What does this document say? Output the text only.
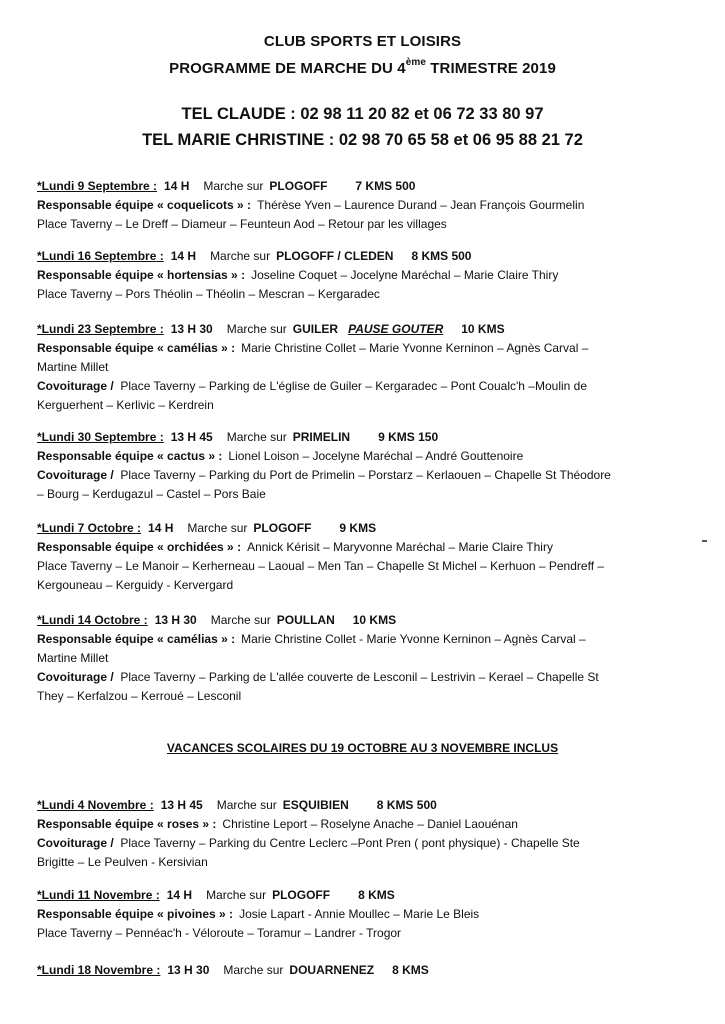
CLUB SPORTS ET LOISIRS
PROGRAMME DE MARCHE DU 4ème TRIMESTRE 2019
TEL CLAUDE : 02 98 11 20 82 et 06 72 33 80 97
TEL MARIE CHRISTINE : 02 98 70 65 58 et 06 95 88 21 72
*Lundi 9 Septembre : 14 H Marche sur PLOGOFF 7 KMS 500
Responsable équipe « coquelicots » : Thérèse Yven – Laurence Durand – Jean François Gourmelin
Place Taverny – Le Dreff – Diameur – Feunteun Aod – Retour par les villages
*Lundi 16 Septembre : 14 H Marche sur PLOGOFF / CLEDEN 8 KMS 500
Responsable équipe « hortensias » : Joseline Coquet – Jocelyne Maréchal – Marie Claire Thiry
Place Taverny – Pors Théolin – Théolin – Mescran – Kergaradec
*Lundi 23 Septembre : 13 H 30 Marche sur GUILER PAUSE GOUTER 10 KMS
Responsable équipe « camélias » : Marie Christine Collet – Marie Yvonne Kerninon – Agnès Carval –
Martine Millet
Covoiturage / Place Taverny – Parking de L'église de Guiler – Kergaradec – Pont Coualc'h –Moulin de
Kerguerhent – Kerlivic – Kerdrein
*Lundi 30 Septembre : 13 H 45 Marche sur PRIMELIN 9 KMS 150
Responsable équipe « cactus » : Lionel Loison – Jocelyne Maréchal – André Gouttenoire
Covoiturage / Place Taverny – Parking du Port de Primelin – Porstarz – Kerlaouen – Chapelle St Théodore
– Bourg – Kerdugazul – Castel – Pors Baie
*Lundi 7 Octobre : 14 H Marche sur PLOGOFF 9 KMS
Responsable équipe « orchidées » : Annick Kérisit – Maryvonne Maréchal – Marie Claire Thiry
Place Taverny – Le Manoir – Kerherneau – Laoual – Men Tan – Chapelle St Michel – Kerhuon – Pendreff –
Kergouneau – Kerguidy - Kervergard
*Lundi 14 Octobre : 13 H 30 Marche sur POULLAN 10 KMS
Responsable équipe « camélias » : Marie Christine Collet - Marie Yvonne Kerninon – Agnès Carval –
Martine Millet
Covoiturage / Place Taverny – Parking de L'allée couverte de Lesconil – Lestrivin – Kerael – Chapelle St
They – Kerfalzou – Kerroué – Lesconil
VACANCES SCOLAIRES DU 19 OCTOBRE AU 3 NOVEMBRE INCLUS
*Lundi 4 Novembre : 13 H 45 Marche sur ESQUIBIEN 8 KMS 500
Responsable équipe « roses » : Christine Leport – Roselyne Anache – Daniel Laouénan
Covoiturage / Place Taverny – Parking du Centre Leclerc –Pont Pren ( pont physique) - Chapelle Ste
Brigitte – Le Peulven - Kersivian
*Lundi 11 Novembre : 14 H Marche sur PLOGOFF 8 KMS
Responsable équipe « pivoines » : Josie Lapart - Annie Moullec – Marie Le Bleis
Place Taverny – Pennéac'h - Véloroute – Toramur – Landrer - Trogor
*Lundi 18 Novembre : 13 H 30 Marche sur DOUARNENEZ 8 KMS
